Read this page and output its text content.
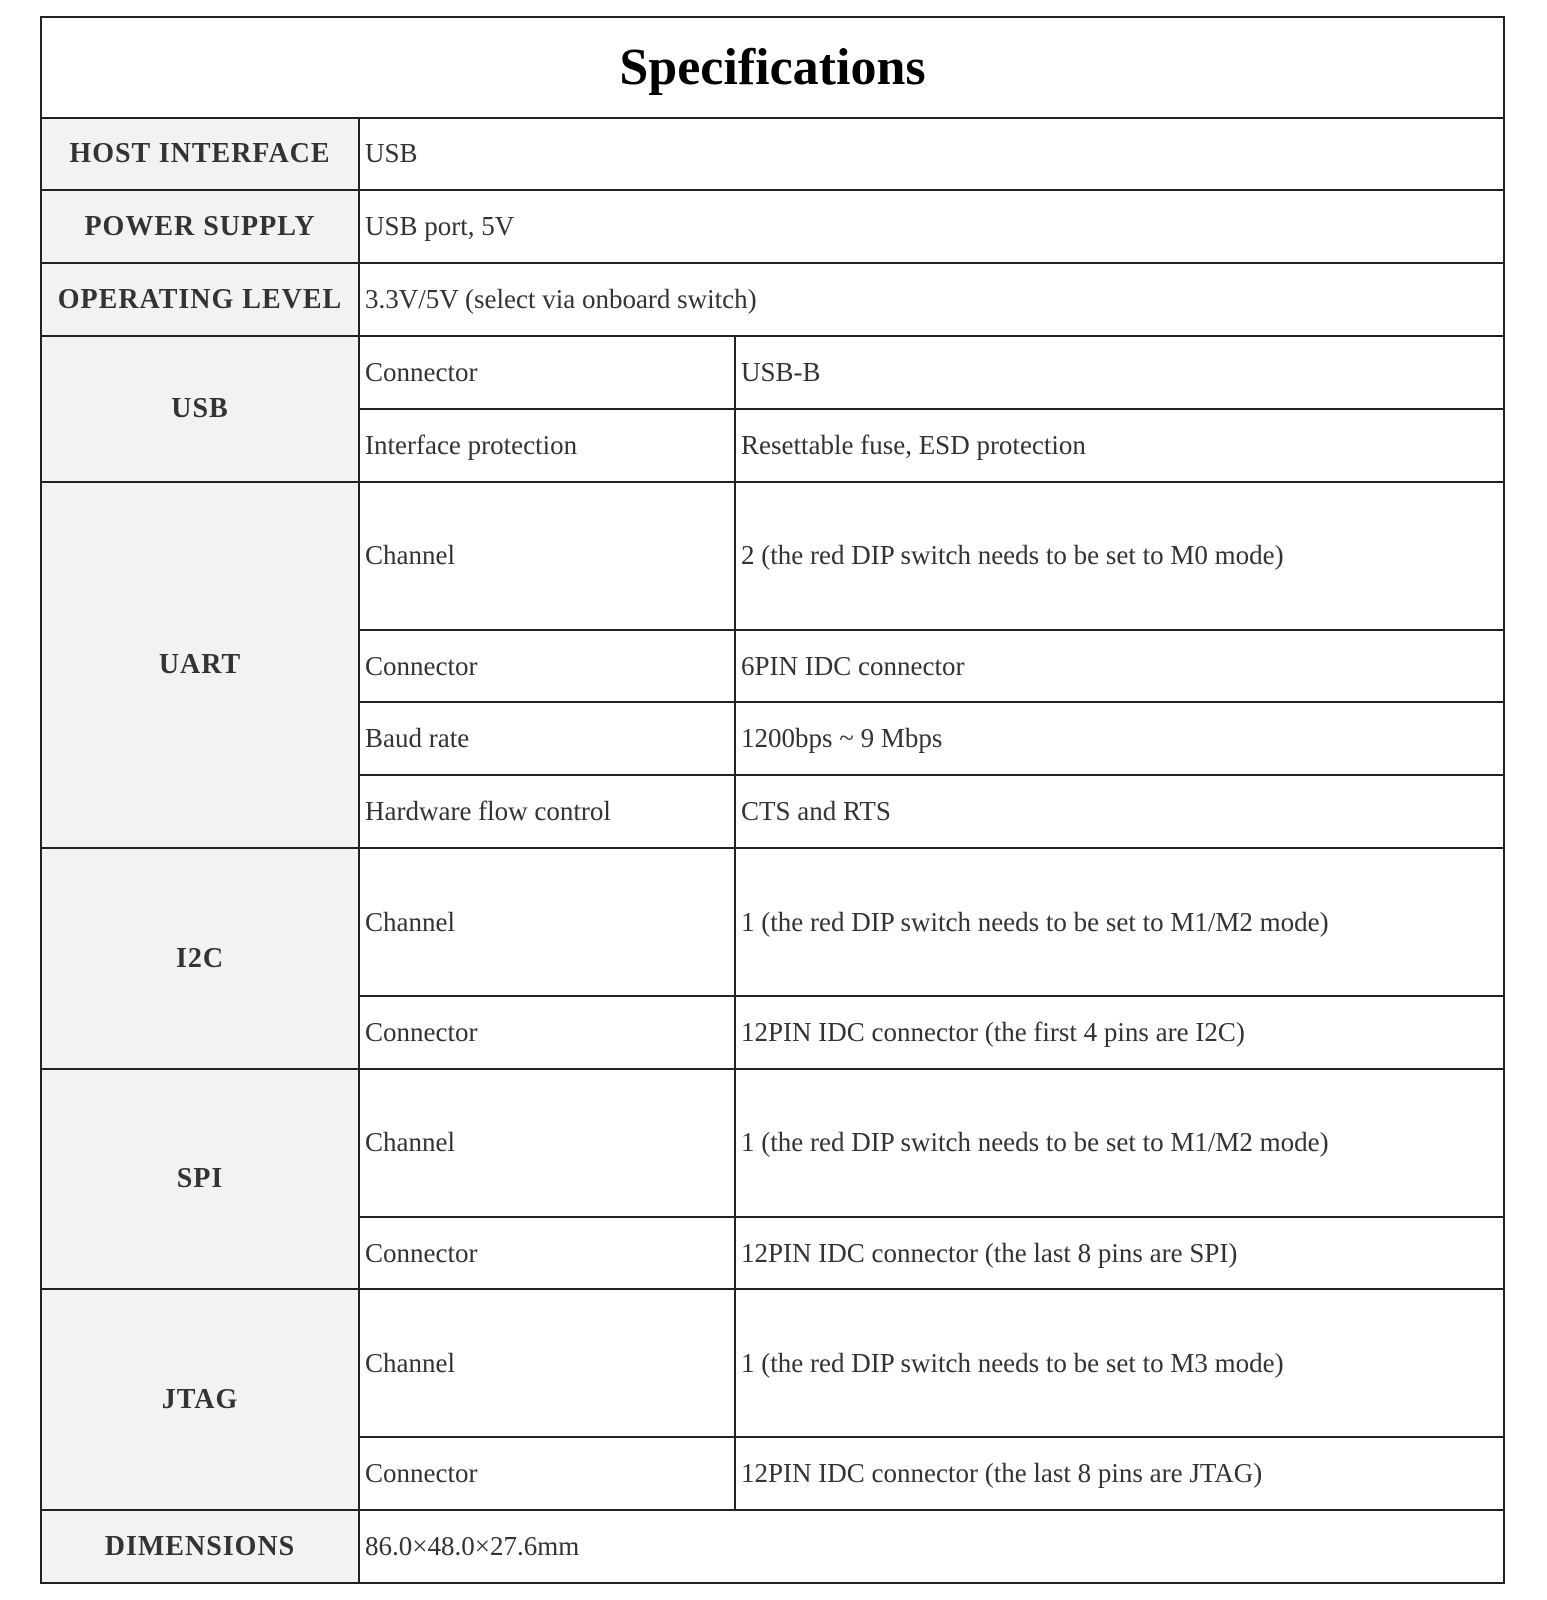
Specifications		
HOST INTERFACE	USB	
POWER SUPPLY	USB port, 5V	
OPERATING LEVEL	3.3V/5V (select via onboard switch)	
USB	Connector	USB-B
	Interface protection	Resettable fuse, ESD protection
UART	Channel	2 (the red DIP switch needs to be set to M0 mode)
	Connector	6PIN IDC connector
	Baud rate	1200bps ~ 9 Mbps
	Hardware flow control	CTS and RTS
I2C	Channel	1 (the red DIP switch needs to be set to M1/M2 mode)
	Connector	12PIN IDC connector (the first 4 pins are I2C)
SPI	Channel	1 (the red DIP switch needs to be set to M1/M2 mode)
	Connector	12PIN IDC connector (the last 8 pins are SPI)
JTAG	Channel	1 (the red DIP switch needs to be set to M3 mode)
	Connector	12PIN IDC connector (the last 8 pins are JTAG)
DIMENSIONS	86.0×48.0×27.6mm	
